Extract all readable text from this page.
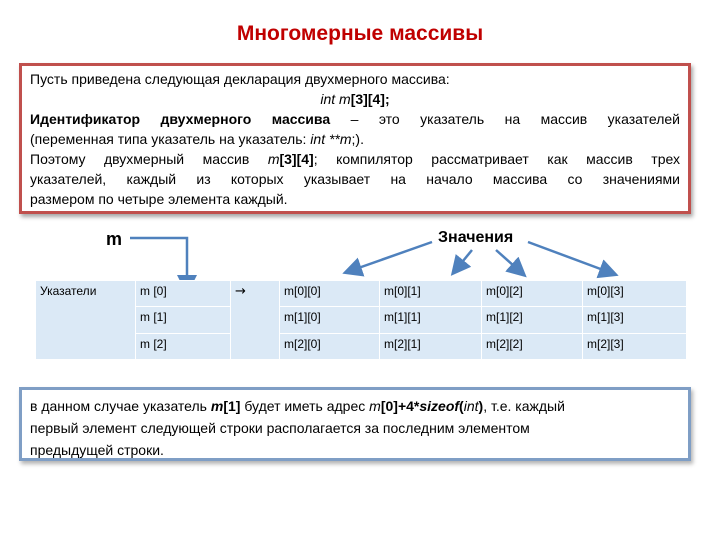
Многомерные массивы
Пусть приведена следующая декларация двухмерного массива:
int m[3][4];
Идентификатор двухмерного массива – это указатель на массив указателей
(переменная типа указатель на указатель: int **m;).
Поэтому двухмерный массив m[3][4]; компилятор рассматривает как массив трех
указателей, каждый из которых указывает на начало массива со значениями
размером по четыре элемента каждый.
m	Значения
Указатели	m [0]	→	m[0][0]	m[0][1]	m[0][2]	m[0][3]
	m [1]		m[1][0]	m[1][1]	m[1][2]	m[1][3]
	m [2]		m[2][0]	m[2][1]	m[2][2]	m[2][3]
в данном случае указатель m[1] будет иметь адрес m[0]+4*sizeof(int), т.е. каждый
первый элемент следующей строки располагается за последним элементом
предыдущей строки.
